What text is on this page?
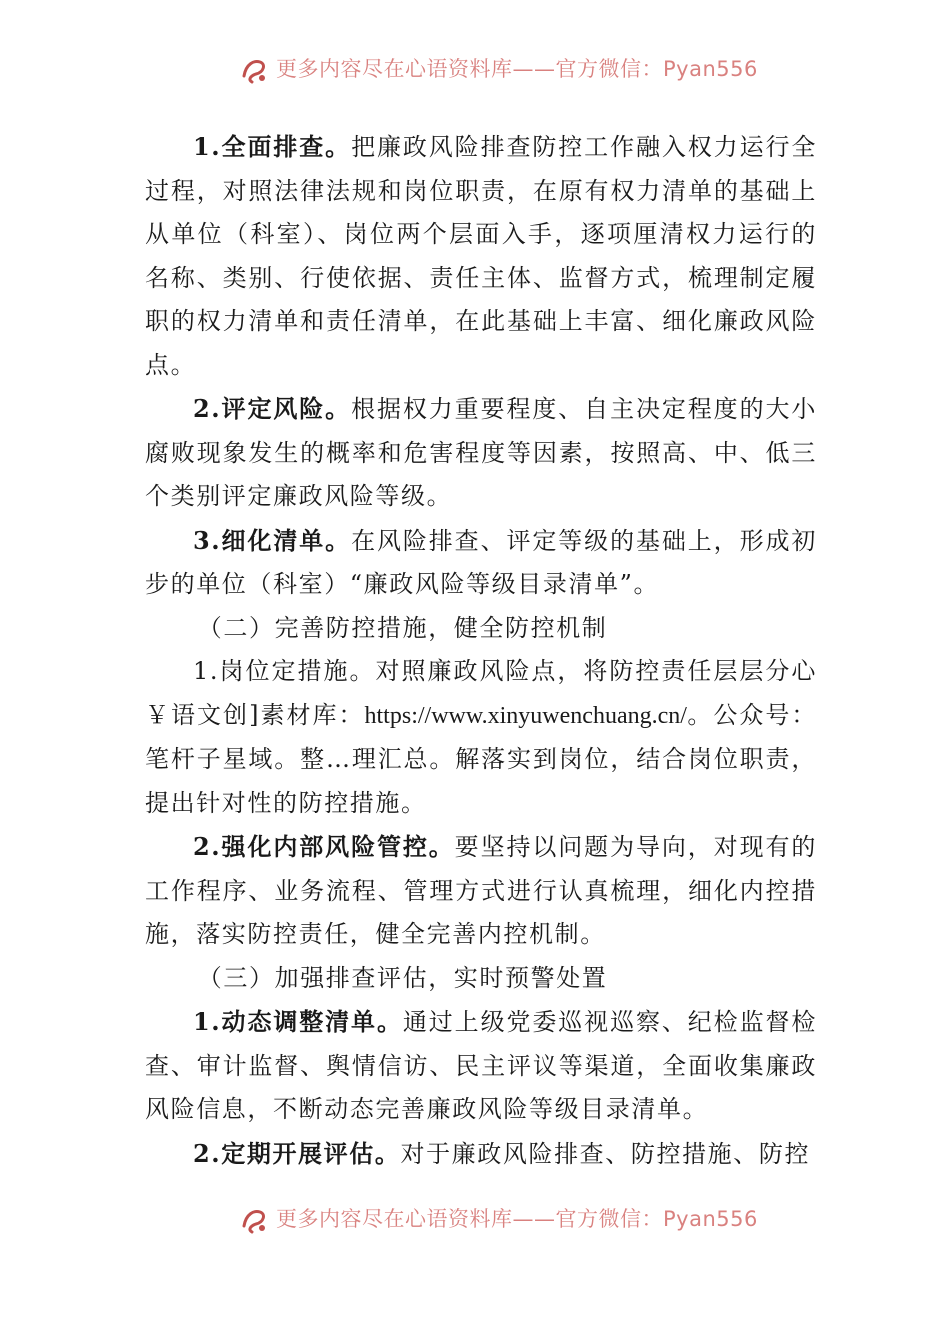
更多内容尽在心语资料库——官方微信：Pyan556

1.全面排查。把廉政风险排查防控工作融入权力运行全过程，对照法律法规和岗位职责，在原有权力清单的基础上从单位（科室）、岗位两个层面入手，逐项厘清权力运行的名称、类别、行使依据、责任主体、监督方式，梳理制定履职的权力清单和责任清单，在此基础上丰富、细化廉政风险点。

2.评定风险。根据权力重要程度、自主决定程度的大小腐败现象发生的概率和危害程度等因素，按照高、中、低三个类别评定廉政风险等级。

3.细化清单。在风险排查、评定等级的基础上，形成初步的单位（科室）“廉政风险等级目录清单”。

（二）完善防控措施，健全防控机制

1.岗位定措施。对照廉政风险点，将防控责任层层分心￥语文创]素材库：https://www.xinyuwenchuang.cn/。公众号：笔杆子星域。整…理汇总。解落实到岗位，结合岗位职责，提出针对性的防控措施。

2.强化内部风险管控。要坚持以问题为导向，对现有的工作程序、业务流程、管理方式进行认真梳理，细化内控措施，落实防控责任，健全完善内控机制。

（三）加强排查评估，实时预警处置

1.动态调整清单。通过上级党委巡视巡察、纪检监督检查、审计监督、舆情信访、民主评议等渠道，全面收集廉政风险信息，不断动态完善廉政风险等级目录清单。

2.定期开展评估。对于廉政风险排查、防控措施、防控

更多内容尽在心语资料库——官方微信：Pyan556
